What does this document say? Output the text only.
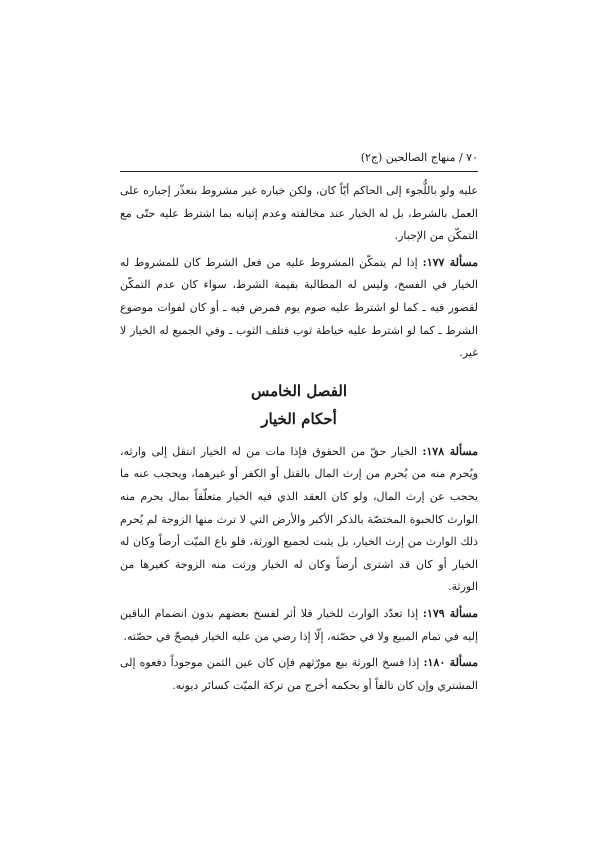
٧٠ / منهاج الصالحين (ج٢)

عليه ولو باللُّجوء إلى الحاكم أيّاً كان، ولكن خياره غير مشروط بتعذّر إجباره على العمل بالشرط، بل له الخيار عند مخالفته وعدم إتيانه بما اشترط عليه حتّى مع التمكّن من الإجبار.

مسألة ١٧٧: إذا لم يتمكّن المشروط عليه من فعل الشرط كان للمشروط له الخيار في الفسخ، وليس له المطالبة بقيمة الشرط، سواء كان عدم التمكّن لقصور فيه ـ كما لو اشترط عليه صوم يوم فمرض فيه ـ أو كان لفوات موضوع الشرط ـ كما لو اشترط عليه خياطة ثوب فتلف الثوب ـ وفي الجميع له الخيار لا غير.

الفصل الخامس
أحكام الخيار

مسألة ١٧٨: الخيار حقّ من الحقوق فإذا مات من له الخيار انتقل إلى وارثه، ويُحرم منه من يُحرم من إرث المال بالقتل أو الكفر أو غيرهما، ويحجب عنه ما يحجب عن إرث المال، ولو كان العقد الذي فيه الخيار متعلّقاً بمال يحرم منه الوارث كالحبوة المختصّة بالذكر الأكبر والأرض التي لا ترث منها الزوجة لم يُحرم ذلك الوارث من إرث الخيار، بل يثبت لجميع الورثة، فلو باع الميّت أرضاً وكان له الخيار أو كان قد اشترى أرضاً وكان له الخيار ورثت منه الزوجة كغيرها من الورثة.

مسألة ١٧٩: إذا تعدّد الوارث للخيار فلا أثر لفسخ بعضهم بدون انضمام الباقين إليه في تمام المبيع ولا في حصّته، إلّا إذا رضي من عليه الخيار فيصحّ في حصّته.

مسألة ١٨٠: إذا فسخ الورثة بيع مورّثهم فإن كان عين الثمن موجوداً دفعوه إلى المشتري وإن كان تالفاً أو بحكمه أخرج من تركة الميّت كسائر ديونه.
